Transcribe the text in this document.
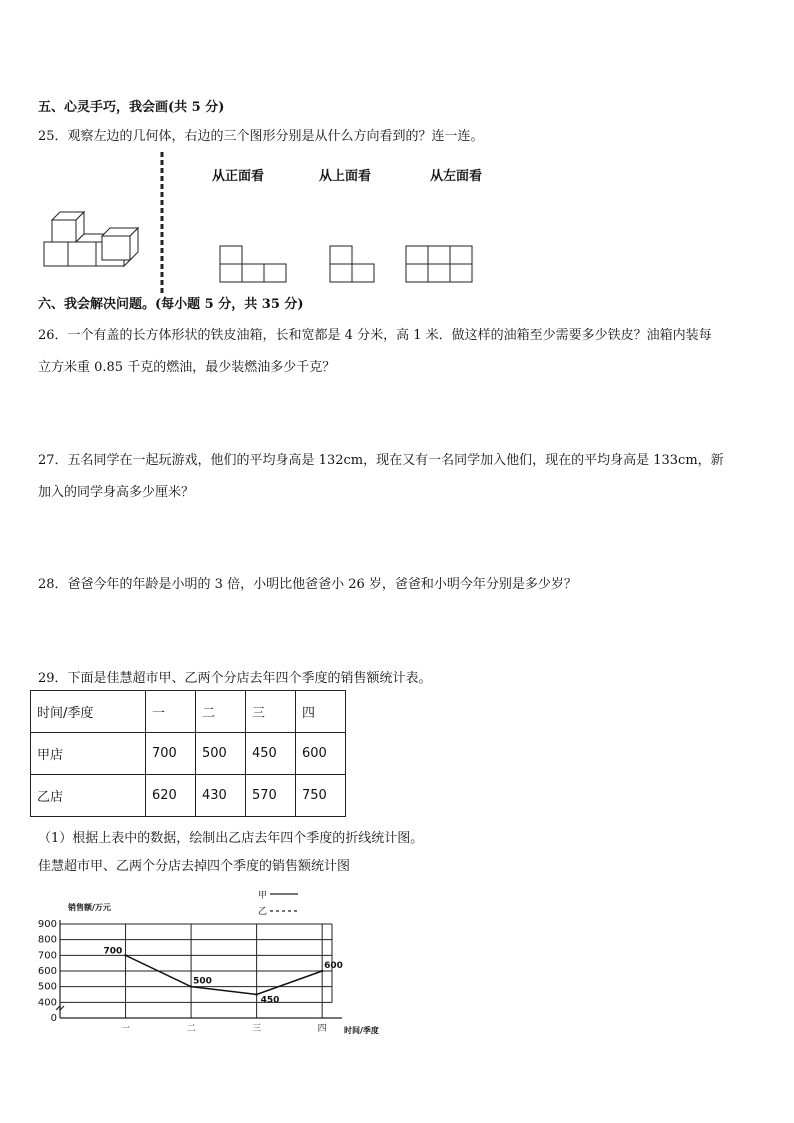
五、心灵手巧，我会画(共 5 分)
25．观察左边的几何体，右边的三个图形分别是从什么方向看到的？连一连。
从正面看	从上面看	从左面看
六、我会解决问题。(每小题 5 分，共 35 分)
26．一个有盖的长方体形状的铁皮油箱，长和宽都是 4 分米，高 1 米．做这样的油箱至少需要多少铁皮？油箱内装每
立方米重 0.85 千克的燃油，最少装燃油多少千克？
27．五名同学在一起玩游戏，他们的平均身高是 132cm，现在又有一名同学加入他们，现在的平均身高是 133cm，新
加入的同学身高多少厘米？
28．爸爸今年的年龄是小明的 3 倍，小明比他爸爸小 26 岁，爸爸和小明今年分别是多少岁？
29．下面是佳慧超市甲、乙两个分店去年四个季度的销售额统计表。
时间/季度	一	二	三	四
甲店	700	500	450	600
乙店	620	430	570	750
（1）根据上表中的数据，绘制出乙店去年四个季度的折线统计图。
佳慧超市甲、乙两个分店去掉四个季度的销售额统计图
0
400
500
600
700
800
900
一	二	三	四
销售额/万元
时间/季度
甲
乙
700
500
450
600
